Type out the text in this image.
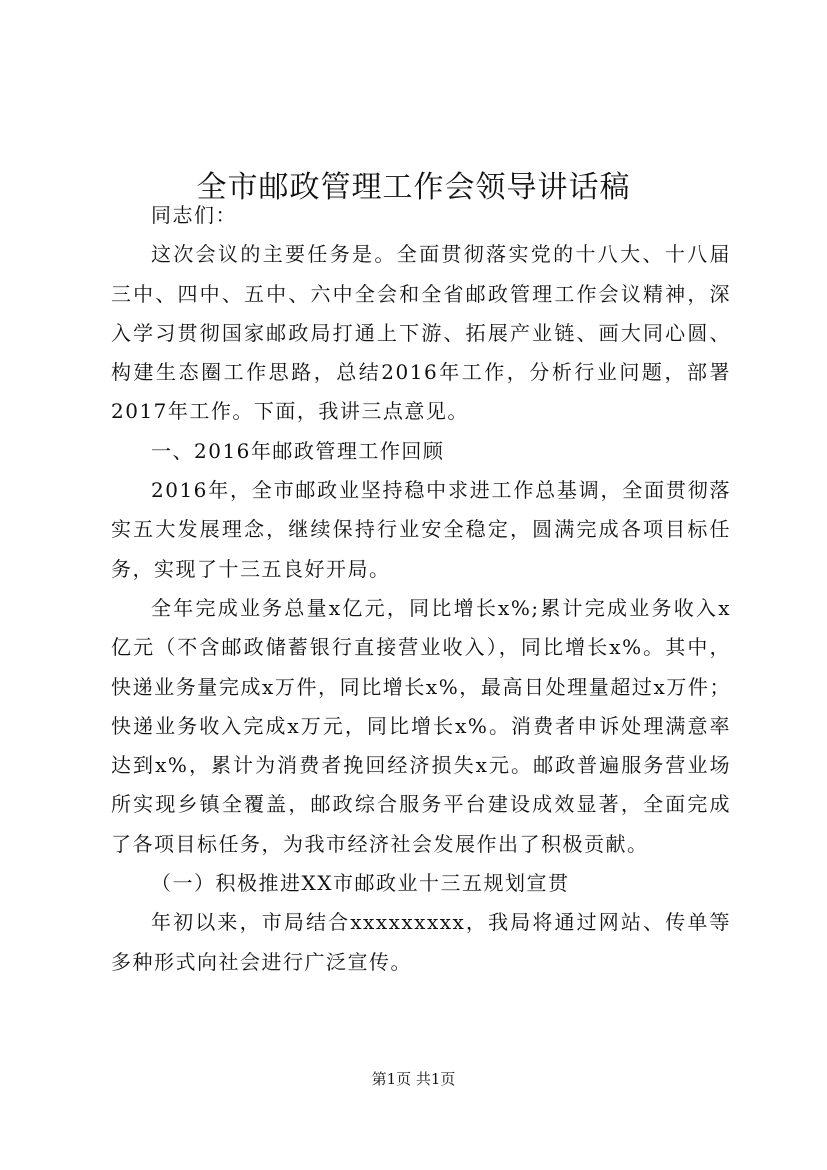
全市邮政管理工作会领导讲话稿

同志们：

这次会议的主要任务是。全面贯彻落实党的十八大、十八届三中、四中、五中、六中全会和全省邮政管理工作会议精神，深入学习贯彻国家邮政局打通上下游、拓展产业链、画大同心圆、构建生态圈工作思路，总结2016年工作，分析行业问题，部署2017年工作。下面，我讲三点意见。

一、2016年邮政管理工作回顾

2016年，全市邮政业坚持稳中求进工作总基调，全面贯彻落实五大发展理念，继续保持行业安全稳定，圆满完成各项目标任务，实现了十三五良好开局。

全年完成业务总量x亿元，同比增长x%;累计完成业务收入x亿元（不含邮政储蓄银行直接营业收入），同比增长x%。其中，快递业务量完成x万件，同比增长x%，最高日处理量超过x万件；快递业务收入完成x万元，同比增长x%。消费者申诉处理满意率达到x%，累计为消费者挽回经济损失x元。邮政普遍服务营业场所实现乡镇全覆盖，邮政综合服务平台建设成效显著，全面完成了各项目标任务，为我市经济社会发展作出了积极贡献。

（一）积极推进XX市邮政业十三五规划宣贯

年初以来，市局结合xxxxxxxxx，我局将通过网站、传单等多种形式向社会进行广泛宣传。

第1页 共1页
